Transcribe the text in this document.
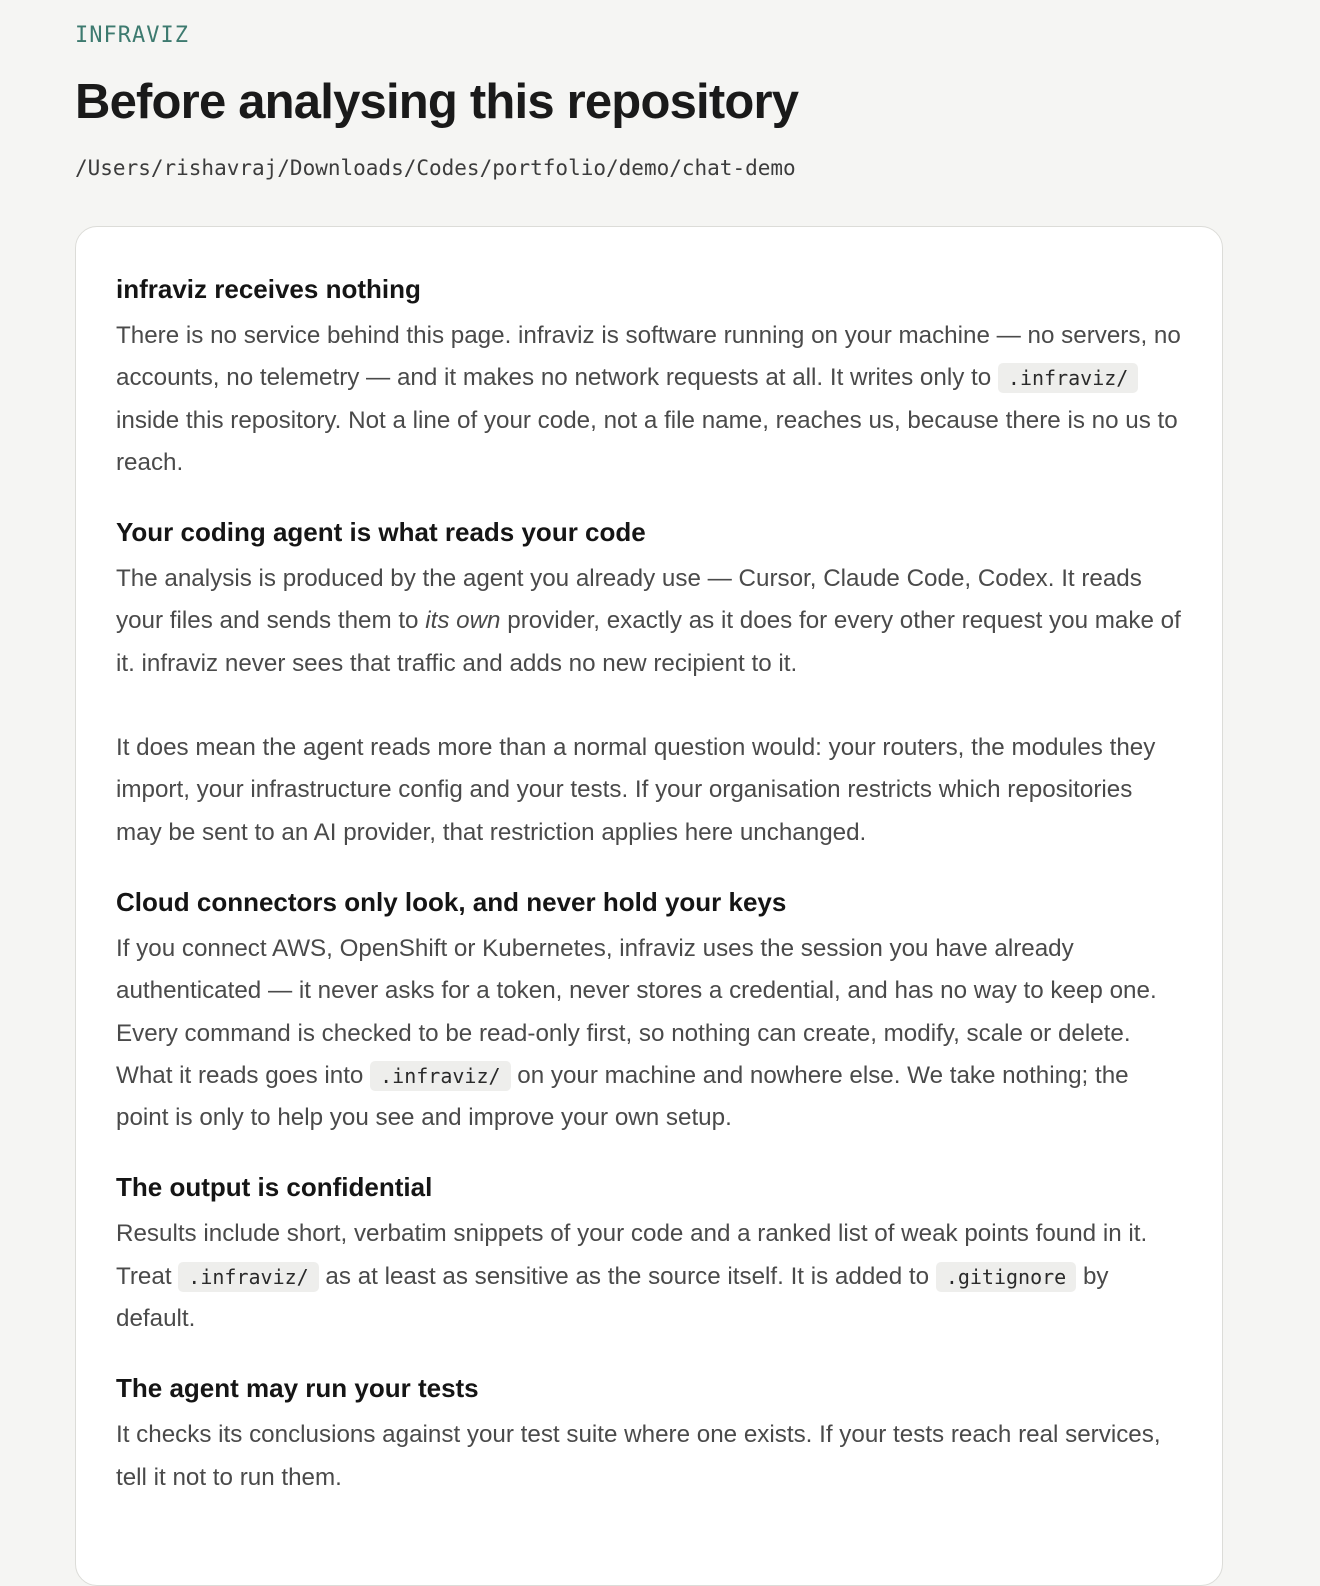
INFRAVIZ
Before analysing this repository
/Users/rishavraj/Downloads/Codes/portfolio/demo/chat-demo
infraviz receives nothing

There is no service behind this page. infraviz is software running on your machine — no servers, no accounts, no telemetry — and it makes no network requests at all. It writes only to .infraviz/ inside this repository. Not a line of your code, not a file name, reaches us, because there is no us to reach.

Your coding agent is what reads your code

The analysis is produced by the agent you already use — Cursor, Claude Code, Codex. It reads your files and sends them to its own provider, exactly as it does for every other request you make of it. infraviz never sees that traffic and adds no new recipient to it.

It does mean the agent reads more than a normal question would: your routers, the modules they import, your infrastructure config and your tests. If your organisation restricts which repositories may be sent to an AI provider, that restriction applies here unchanged.

Cloud connectors only look, and never hold your keys

If you connect AWS, OpenShift or Kubernetes, infraviz uses the session you have already authenticated — it never asks for a token, never stores a credential, and has no way to keep one. Every command is checked to be read-only first, so nothing can create, modify, scale or delete. What it reads goes into .infraviz/ on your machine and nowhere else. We take nothing; the point is only to help you see and improve your own setup.

The output is confidential

Results include short, verbatim snippets of your code and a ranked list of weak points found in it. Treat .infraviz/ as at least as sensitive as the source itself. It is added to .gitignore by default.

The agent may run your tests

It checks its conclusions against your test suite where one exists. If your tests reach real services, tell it not to run them.
